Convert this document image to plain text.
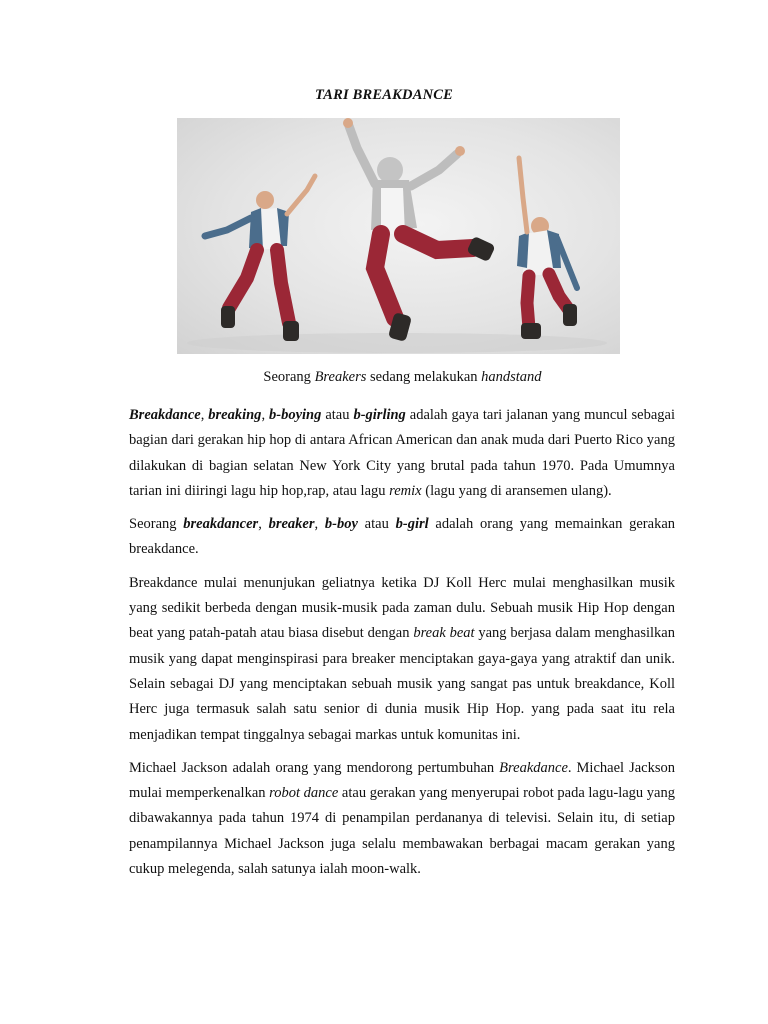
TARI BREAKDANCE
Seorang Breakers sedang melakukan handstand

Breakdance, breaking, b-boying atau b-girling adalah gaya tari jalanan yang muncul sebagai bagian dari gerakan hip hop di antara African American dan anak muda dari Puerto Rico yang dilakukan di bagian selatan New York City yang brutal pada tahun 1970. Pada Umumnya tarian ini diiringi lagu hip hop,rap, atau lagu remix (lagu yang di aransemen ulang).

Seorang breakdancer, breaker, b-boy atau b-girl adalah orang yang memainkan gerakan breakdance.

Breakdance mulai menunjukan geliatnya ketika DJ Koll Herc mulai menghasilkan musik yang sedikit berbeda dengan musik-musik pada zaman dulu. Sebuah musik Hip Hop dengan beat yang patah-patah atau biasa disebut dengan break beat yang berjasa dalam menghasilkan musik yang dapat menginspirasi para breaker menciptakan gaya-gaya yang atraktif dan unik. Selain sebagai DJ yang menciptakan sebuah musik yang sangat pas untuk breakdance, Koll Herc juga termasuk salah satu senior di dunia musik Hip Hop. yang pada saat itu rela menjadikan tempat tinggalnya sebagai markas untuk komunitas ini.

Michael Jackson adalah orang yang mendorong pertumbuhan Breakdance. Michael Jackson mulai memperkenalkan robot dance atau gerakan yang menyerupai robot pada lagu-lagu yang dibawakannya pada tahun 1974 di penampilan perdananya di televisi. Selain itu, di setiap penampilannya Michael Jackson juga selalu membawakan berbagai macam gerakan yang cukup melegenda, salah satunya ialah moon-walk.
